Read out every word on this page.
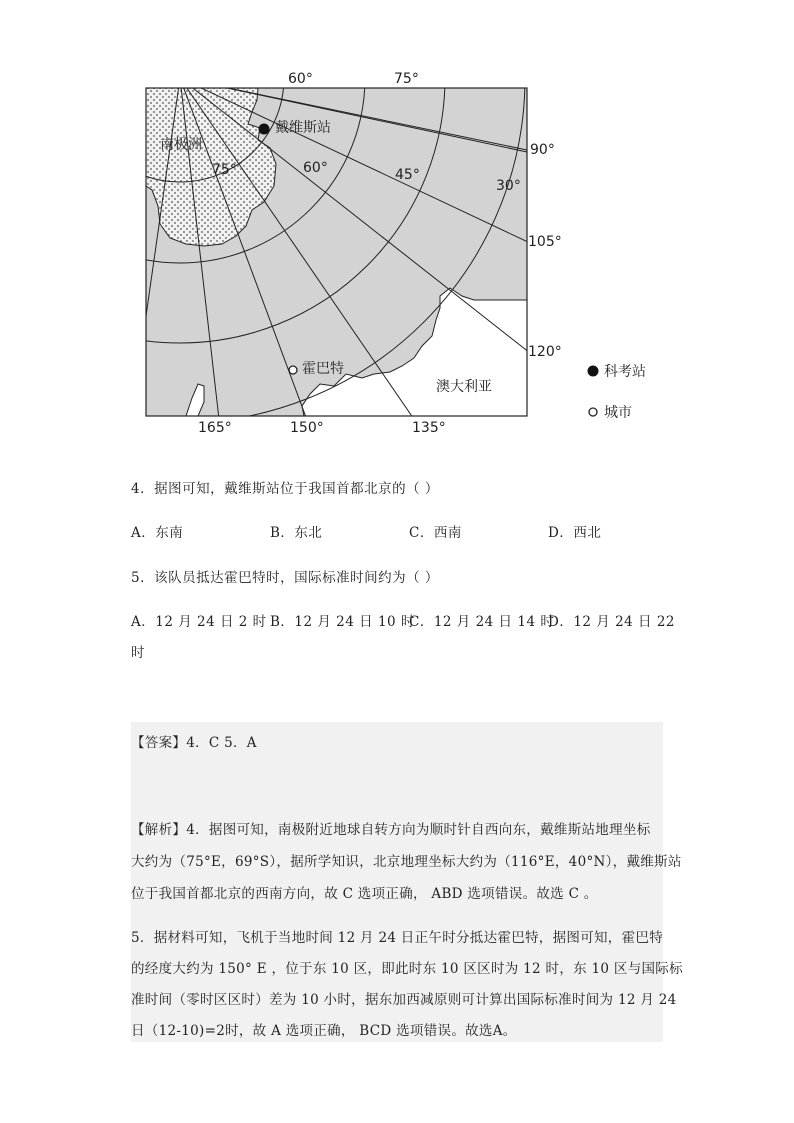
60°	75°
90°
105°
120°
165°	150°	135°
75°	60°	45°
30°
南极洲
戴维斯站
霍巴特
澳大利亚
科考站
城市
4．据图可知，戴维斯站位于我国首都北京的（ ）
A．东南	B．东北	C．西南	D．西北
5．该队员抵达霍巴特时，国际标准时间约为（ ）
A．12 月 24 日 2 时 B．12 月 24 日 10 时
C．12 月 24 日 14 时
D．12 月 24 日 22
时
【答案】4．C 5．A
【解析】4．据图可知，南极附近地球自转方向为顺时针自西向东，戴维斯站地理坐标
大约为（75°E，69°S），据所学知识，北京地理坐标大约为（116°E，40°N），戴维斯站
位于我国首都北京的西南方向，故 C 选项正确， ABD 选项错误。故选 C 。
5．据材料可知，飞机于当地时间 12 月 24 日正午时分抵达霍巴特，据图可知，霍巴特
的经度大约为 150° E ，位于东 10 区，即此时东 10 区区时为 12 时，东 10 区与国际标
准时间（零时区区时）差为 10 小时，据东加西减原则可计算出国际标准时间为 12 月 24
日（12-10)=2时，故 A 选项正确， BCD 选项错误。故选A。
